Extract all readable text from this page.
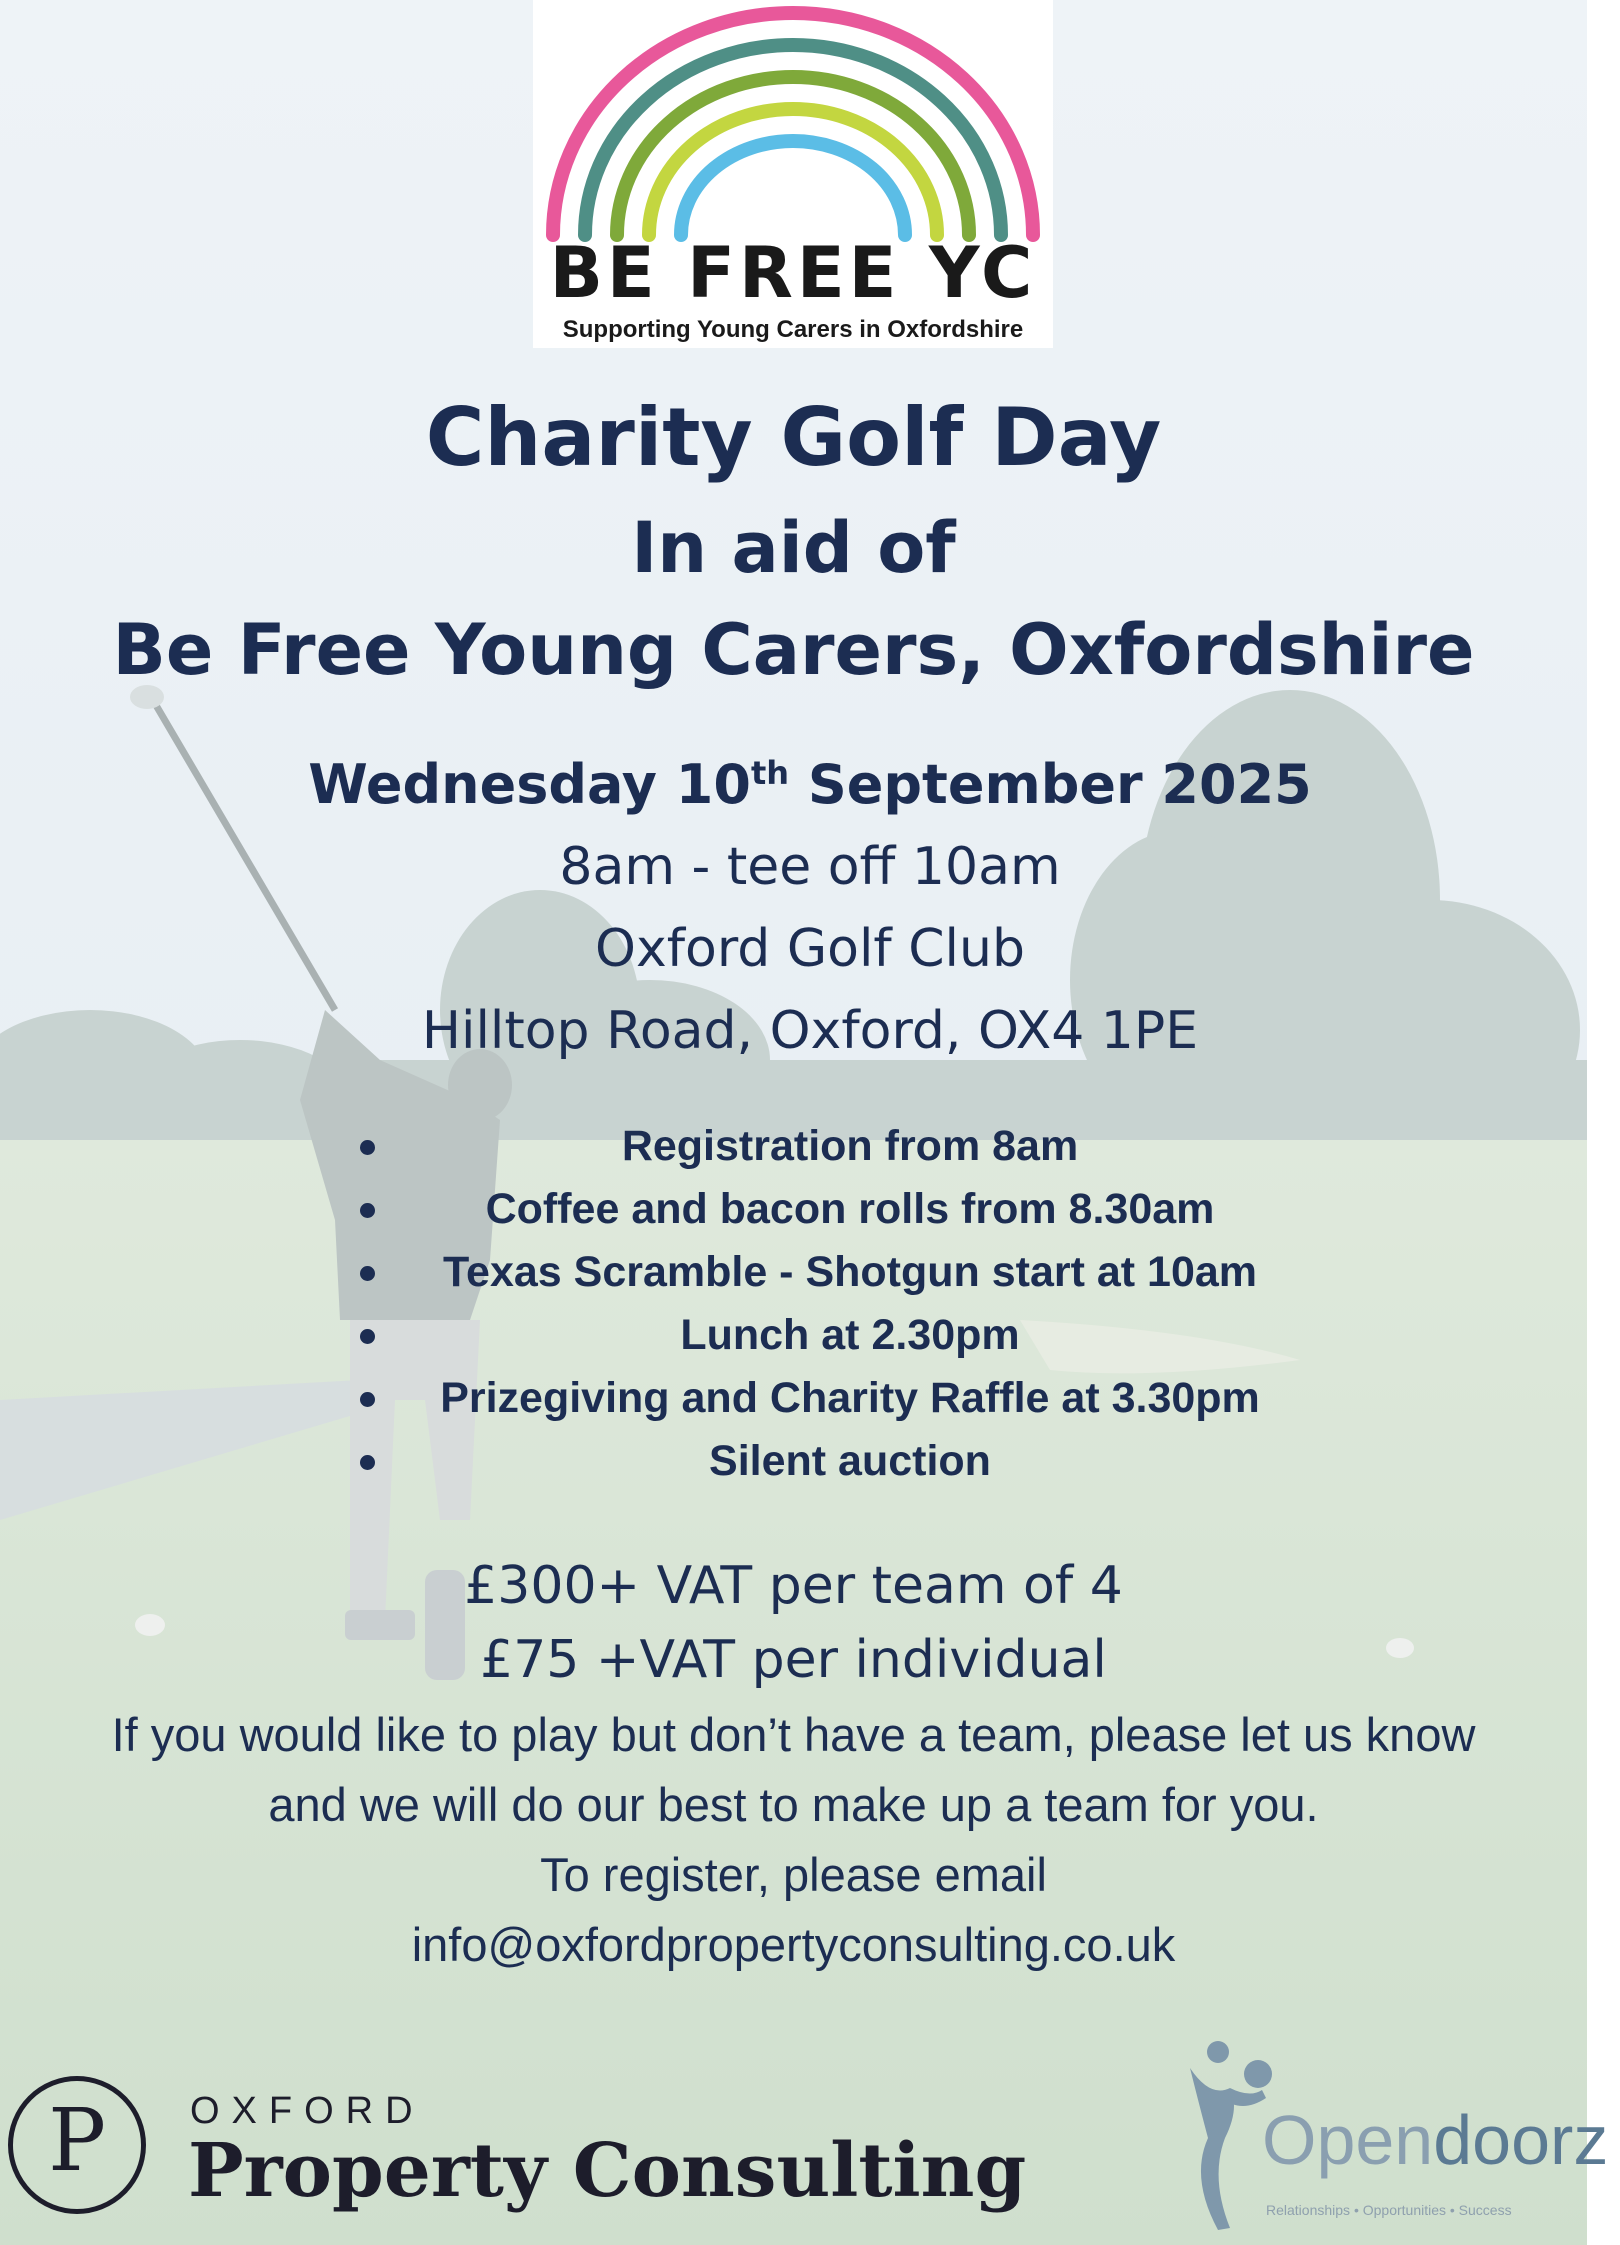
BE FREE YC
Supporting Young Carers in Oxfordshire
Charity Golf Day
In aid of
Be Free Young Carers, Oxfordshire
Wednesday 10th September 2025
8am - tee off 10am
Oxford Golf Club
Hilltop Road, Oxford, OX4 1PE
Registration from 8am
Coffee and bacon rolls from 8.30am
Texas Scramble - Shotgun start at 10am
Lunch at 2.30pm
Prizegiving and Charity Raffle at 3.30pm
Silent auction
£300+ VAT per team of 4
£75 +VAT per individual
If you would like to play but don’t have a team, please let us know
and we will do our best to make up a team for you.
To register, please email
info@oxfordpropertyconsulting.co.uk
P	OXFORD
Property Consulting	Opendoorz
Relationships • Opportunities • Success
